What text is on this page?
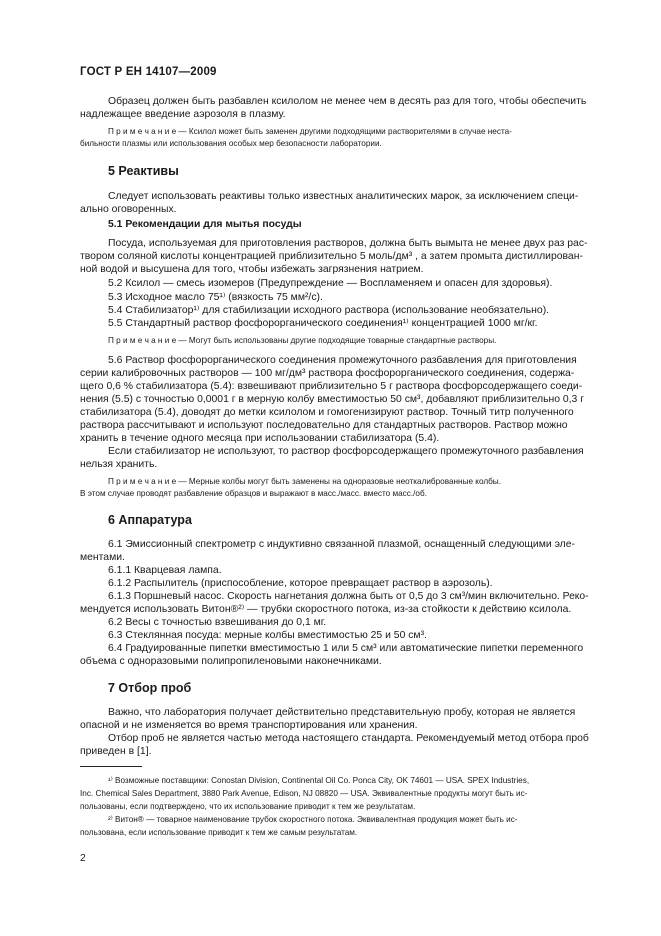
ГОСТ Р ЕН 14107—2009
Образец должен быть разбавлен ксилолом не менее чем в десять раз для того, чтобы обеспечить
надлежащее введение аэрозоля в плазму.
П р и м е ч а н и е — Ксилол может быть заменен другими подходящими растворителями в случае неста-
бильности плазмы или использования особых мер безопасности лаборатории.
5 Реактивы
Следует использовать реактивы только известных аналитических марок, за исключением специ-
ально оговоренных.
5.1 Рекомендации для мытья посуды
Посуда, используемая для приготовления растворов, должна быть вымыта не менее двух раз рас-
твором соляной кислоты концентрацией приблизительно 5 моль/дм³ , а затем промыта дистиллирован-
ной водой и высушена для того, чтобы избежать загрязнения натрием.
5.2 Ксилол — смесь изомеров (Предупреждение — Воспламеняем и опасен для здоровья).
5.3 Исходное масло 75¹⁾ (вязкость 75 мм²/с).
5.4 Стабилизатор¹⁾ для стабилизации исходного раствора (использование необязательно).
5.5 Стандартный раствор фосфорорганического соединения¹⁾ концентрацией 1000 мг/кг.
П р и м е ч а н и е — Могут быть использованы другие подходящие товарные стандартные растворы.
5.6 Раствор фосфорорганического соединения промежуточного разбавления для приготовления
серии калибровочных растворов — 100 мг/дм³ раствора фосфорорганического соединения, содержа-
щего 0,6 % стабилизатора (5.4): взвешивают приблизительно 5 г раствора фосфорсодержащего соеди-
нения (5.5) с точностью 0,0001 г в мерную колбу вместимостью 50 см³, добавляют приблизительно 0,3 г
стабилизатора (5.4), доводят до метки ксилолом и гомогенизируют раствор. Точный титр полученного
раствора рассчитывают и используют последовательно для стандартных растворов. Раствор можно
хранить в течение одного месяца при использовании стабилизатора (5.4).
Если стабилизатор не используют, то раствор фосфорсодержащего промежуточного разбавления
нельзя хранить.
П р и м е ч а н и е — Мерные колбы могут быть заменены на одноразовые неоткалиброванные колбы.
В этом случае проводят разбавление образцов и выражают в масс./масс. вместо масс./об.
6 Аппаратура
6.1 Эмиссионный спектрометр с индуктивно связанной плазмой, оснащенный следующими эле-
ментами.
6.1.1 Кварцевая лампа.
6.1.2 Распылитель (приспособление, которое превращает раствор в аэрозоль).
6.1.3 Поршневый насос. Скорость нагнетания должна быть от 0,5 до 3 см³/мин включительно. Реко-
мендуется использовать Витон®²⁾ — трубки скоростного потока, из-за стойкости к действию ксилола.
6.2 Весы с точностью взвешивания до 0,1 мг.
6.3 Стеклянная посуда: мерные колбы вместимостью 25 и 50 см³.
6.4 Градуированные пипетки вместимостью 1 или 5 см³ или автоматические пипетки переменного
объема с одноразовыми полипропиленовыми наконечниками.
7 Отбор проб
Важно, что лаборатория получает действительно представительную пробу, которая не является
опасной и не изменяется во время транспортирования или хранения.
Отбор проб не является частью метода настоящего стандарта. Рекомендуемый метод отбора проб
приведен в [1].
¹⁾ Возможные поставщики: Conostan Division, Continental Oil Co. Ponca City, OK 74601 — USA. SPEX Industries,
Inc. Chemical Sales Department, 3880 Park Avenue, Edison, NJ 08820 — USA. Эквивалентные продукты могут быть ис-
пользованы, если подтверждено, что их использование приводит к тем же результатам.
²⁾ Витон® — товарное наименование трубок скоростного потока. Эквивалентная продукция может быть ис-
пользована, если использование приводит к тем же самым результатам.
2
